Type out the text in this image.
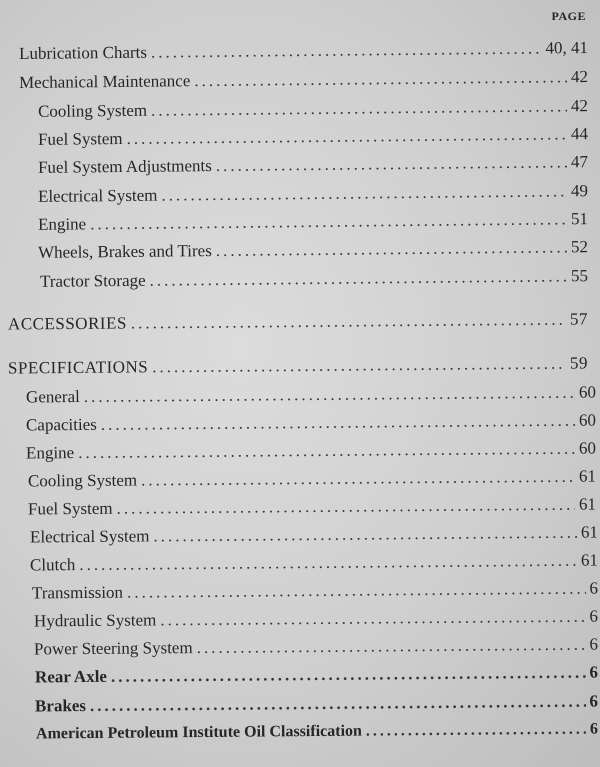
PAGE
Lubrication Charts .....	40, 41
Mechanical Maintenance .....	42
Cooling System .....	42
Fuel System .....	44
Fuel System Adjustments .....	47
Electrical System .....	49
Engine .....	51
Wheels, Brakes and Tires .....	52
Tractor Storage .....	55
ACCESSORIES .....	57
SPECIFICATIONS .....	59
General .....	60
Capacities .....	60
Engine .....	60
Cooling System .....	61
Fuel System .....	61
Electrical System .....	61
Clutch .....	61
Transmission .....	6
Hydraulic System .....	6
Power Steering System .....	6
Rear Axle .....	6
Brakes .....	6
American Petroleum Institute Oil Classification .....	6
